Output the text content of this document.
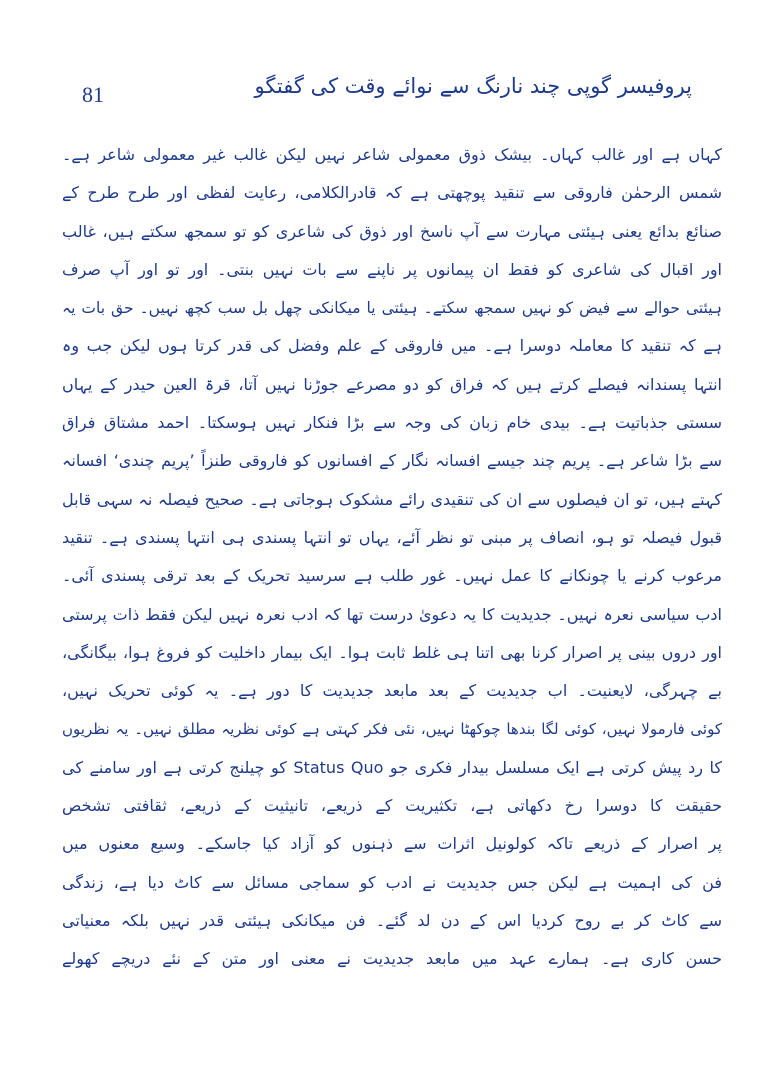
81	پروفیسر گوپی چند نارنگ سے نوائے وقت کی گفتگو
کہاں ہے اور غالب کہاں۔ بیشک ذوق معمولی شاعر نہیں لیکن غالب غیر معمولی شاعر ہے۔
شمس الرحمٰن فاروقی سے تنقید پوچھتی ہے کہ قادرالکلامی، رعایت لفظی اور طرح طرح کے
صنائع بدائع یعنی ہیئتی مہارت سے آپ ناسخ اور ذوق کی شاعری کو تو سمجھ سکتے ہیں، غالب
اور اقبال کی شاعری کو فقط ان پیمانوں پر ناپنے سے بات نہیں بنتی۔ اور تو اور آپ صرف
ہیئتی حوالے سے فیض کو نہیں سمجھ سکتے۔ ہیئتی یا میکانکی چھل بل سب کچھ نہیں۔ حق بات یہ
ہے کہ تنقید کا معاملہ دوسرا ہے۔ میں فاروقی کے علم وفضل کی قدر کرتا ہوں لیکن جب وہ
انتہا پسندانہ فیصلے کرتے ہیں کہ فراق کو دو مصرعے جوڑنا نہیں آتا، قرۃ العین حیدر کے یہاں
سستی جذباتیت ہے۔ بیدی خام زبان کی وجہ سے بڑا فنکار نہیں ہوسکتا۔ احمد مشتاق فراق
سے بڑا شاعر ہے۔ پریم چند جیسے افسانہ نگار کے افسانوں کو فاروقی طنزاً ’پریم چندی‘ افسانہ
کہتے ہیں، تو ان فیصلوں سے ان کی تنقیدی رائے مشکوک ہوجاتی ہے۔ صحیح فیصلہ نہ سہی قابل
قبول فیصلہ تو ہو، انصاف پر مبنی تو نظر آئے، یہاں تو انتہا پسندی ہی انتہا پسندی ہے۔ تنقید
مرعوب کرنے یا چونکانے کا عمل نہیں۔ غور طلب ہے سرسید تحریک کے بعد ترقی پسندی آئی۔
ادب سیاسی نعرہ نہیں۔ جدیدیت کا یہ دعویٰ درست تھا کہ ادب نعرہ نہیں لیکن فقط ذات پرستی
اور دروں بینی پر اصرار کرنا بھی اتنا ہی غلط ثابت ہوا۔ ایک بیمار داخلیت کو فروغ ہوا، بیگانگی،
بے چہرگی، لایعنیت۔ اب جدیدیت کے بعد مابعد جدیدیت کا دور ہے۔ یہ کوئی تحریک نہیں،
کوئی فارمولا نہیں، کوئی لگا بندھا چوکھٹا نہیں، نئی فکر کہتی ہے کوئی نظریہ مطلق نہیں۔ یہ نظریوں
کا رد پیش کرتی ہے ایک مسلسل بیدار فکری جو Status Quo کو چیلنج کرتی ہے اور سامنے کی
حقیقت کا دوسرا رخ دکھاتی ہے، تکثیریت کے ذریعے، تانیثیت کے ذریعے، ثقافتی تشخص
پر اصرار کے ذریعے تاکہ کولونیل اثرات سے ذہنوں کو آزاد کیا جاسکے۔ وسیع معنوں میں
فن کی اہمیت ہے لیکن جس جدیدیت نے ادب کو سماجی مسائل سے کاٹ دیا ہے، زندگی
سے کاٹ کر بے روح کردیا اس کے دن لد گئے۔ فن میکانکی ہیئتی قدر نہیں بلکہ معنیاتی
حسن کاری ہے۔ ہمارے عہد میں مابعد جدیدیت نے معنی اور متن کے نئے دریچے کھولے
